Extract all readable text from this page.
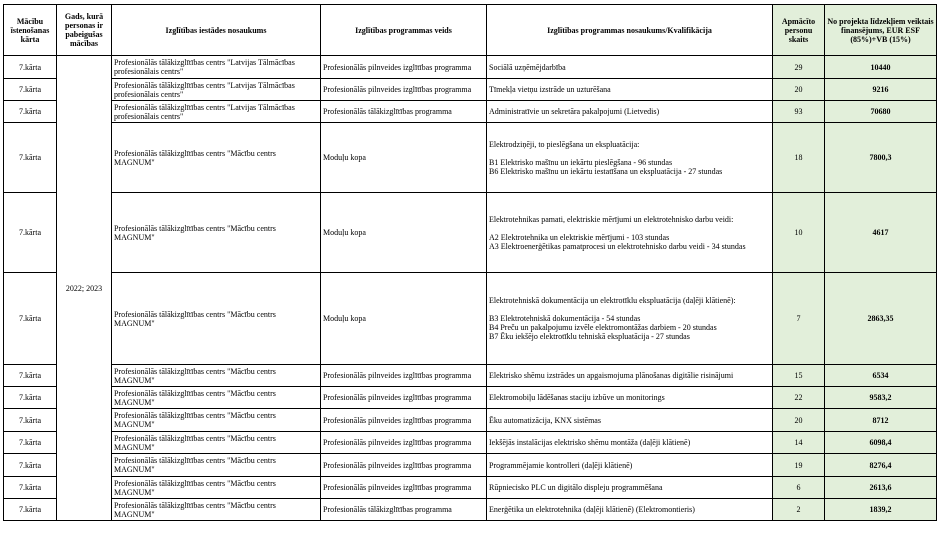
Mācību īstenošanas kārta	Gads, kurā personas ir pabeigušas mācības	Izglītības iestādes nosaukums	Izglītības programmas veids	Izglītības programmas nosaukums/Kvalifikācija	Apmācīto personu skaits	No projekta līdzekļiem veiktais finansējums, EUR ESF (85%)+VB (15%)
7.kārta	2022; 2023	Profesionālās tālākizglītības centrs "Latvijas Tālmācības profesionālais centrs"	Profesionālās pilnveides izglītības programma	Sociālā uzņēmējdarbība	29	10440
7.kārta		Profesionālās tālākizglītības centrs "Latvijas Tālmācības profesionālais centrs"	Profesionālās pilnveides izglītības programma	Tīmekļa vietņu izstrāde un uzturēšana	20	9216
7.kārta		Profesionālās tālākizglītības centrs "Latvijas Tālmācības profesionālais centrs"	Profesionālās tālākizglītības programma	Administratīvie un sekretāra pakalpojumi (Lietvedis)	93	70680
7.kārta		Profesionālās tālākizglītības centrs "Mācību centrs MAGNUM"	Moduļu kopa	Elektrodziņēji, to pieslēgšana un ekspluatācija:

B1 Elektrisko mašīnu un iekārtu pieslēgšana - 96 stundas

B6 Elektrisko mašīnu un iekārtu iestatīšana un ekspluatācija - 27 stundas	18	7800,3
7.kārta		Profesionālās tālākizglītības centrs "Mācību centrs MAGNUM"	Moduļu kopa	Elektrotehnikas pamati, elektriskie mērījumi un elektrotehnisko darbu veidi:

A2 Elektrotehnika un elektriskie mērījumi - 103 stundas

A3 Elektroenerģētikas pamatprocesi un elektrotehnisko darbu veidi - 34 stundas	10	4617
7.kārta		Profesionālās tālākizglītības centrs "Mācību centrs MAGNUM"	Moduļu kopa	Elektrotehniskā dokumentācija un elektrotīklu ekspluatācija (daļēji klātienē):

B3 Elektrotehniskā dokumentācija - 54 stundas

B4 Preču un pakalpojumu izvēle elektromontāžas darbiem - 20 stundas

B7 Ēku iekšējo elektrotīklu tehniskā ekspluatācija - 27 stundas	7	2863,35
7.kārta		Profesionālās tālākizglītības centrs "Mācību centrs MAGNUM"	Profesionālās pilnveides izglītības programma	Elektrisko shēmu izstrādes un apgaismojuma plānošanas digitālie risinājumi	15	6534
7.kārta		Profesionālās tālākizglītības centrs "Mācību centrs MAGNUM"	Profesionālās pilnveides izglītības programma	Elektromobiļu lādēšanas staciju izbūve un monitorings	22	9583,2
7.kārta		Profesionālās tālākizglītības centrs "Mācību centrs MAGNUM"	Profesionālās pilnveides izglītības programma	Ēku automatizācija, KNX sistēmas	20	8712
7.kārta		Profesionālās tālākizglītības centrs "Mācību centrs MAGNUM"	Profesionālās pilnveides izglītības programma	Iekšējās instalācijas elektrisko shēmu montāža (daļēji klātienē)	14	6098,4
7.kārta		Profesionālās tālākizglītības centrs "Mācību centrs MAGNUM"	Profesionālās pilnveides izglītības programma	Programmējamie kontrolleri (daļēji klātienē)	19	8276,4
7.kārta		Profesionālās tālākizglītības centrs "Mācību centrs MAGNUM"	Profesionālās pilnveides izglītības programma	Rūpnieciskо PLC un digitālo displeju programmēšana	6	2613,6
7.kārta		Profesionālās tālākizglītības centrs "Mācību centrs MAGNUM"	Profesionālās tālākizglītības programma	Enerģētika un elektrotehnika (daļēji klātienē) (Elektromontieris)	2	1839,2
